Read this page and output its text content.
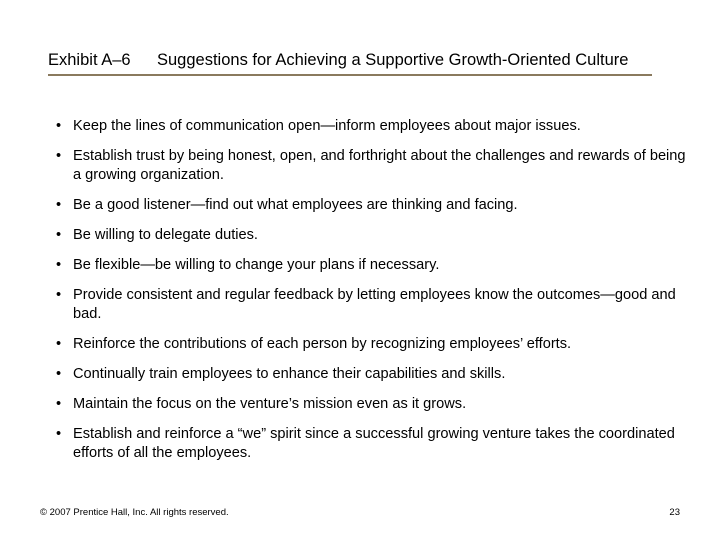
Exhibit A–6	Suggestions for Achieving a Supportive Growth-Oriented Culture
• Keep the lines of communication open—inform employees about major issues.
• Establish trust by being honest, open, and forthright about the challenges and rewards of being a growing organization.
• Be a good listener—find out what employees are thinking and facing.
• Be willing to delegate duties.
• Be flexible—be willing to change your plans if necessary.
• Provide consistent and regular feedback by letting employees know the outcomes—good and bad.
• Reinforce the contributions of each person by recognizing employees’ efforts.
• Continually train employees to enhance their capabilities and skills.
• Maintain the focus on the venture’s mission even as it grows.
• Establish and reinforce a “we” spirit since a successful growing venture takes the coordinated efforts of all the employees.
© 2007 Prentice Hall, Inc. All rights reserved.	23
